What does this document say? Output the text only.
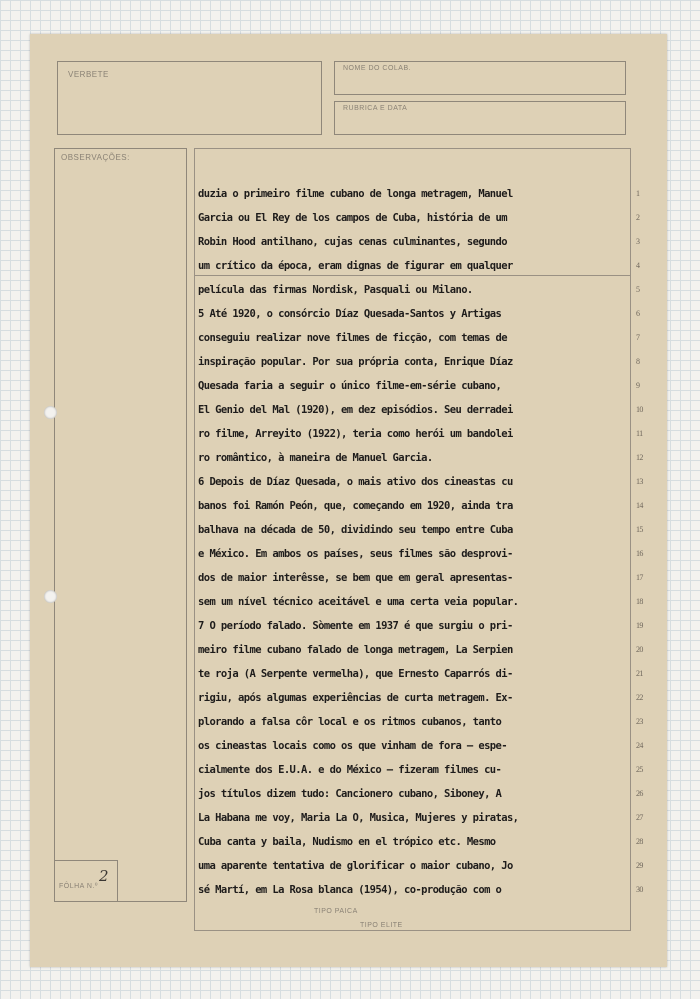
VERBETE
NOME DO COLAB.
RUBRICA E DATA
OBSERVAÇÕES:
FÔLHA N.º
2
TIPO PAICA
TIPO ELITE
duzia o primeiro filme cubano de longa metragem, Manuel	1
Garcia ou El Rey de los campos de Cuba, história de um	2
Robin Hood antilhano, cujas cenas culminantes, segundo	3
um crítico da época, eram dignas de figurar em qualquer	4
película das firmas Nordisk, Pasquali ou Milano.	5
5 Até 1920, o consórcio Díaz Quesada-Santos y Artigas	6
conseguiu realizar nove filmes de ficção, com temas de	7
inspiração popular. Por sua própria conta, Enrique Díaz	8
Quesada faria a seguir o único filme-em-série cubano,	9
El Genio del Mal (1920), em dez episódios. Seu derradei	10
ro filme, Arreyito (1922), teria como herói um bandolei	11
ro romântico, à maneira de Manuel Garcia.	12
6 Depois de Díaz Quesada, o mais ativo dos cineastas cu	13
banos foi Ramón Peón, que, começando em 1920, ainda tra	14
balhava na década de 50, dividindo seu tempo entre Cuba	15
e México. Em ambos os países, seus filmes são desprovi-	16
dos de maior interêsse, se bem que em geral apresentas-	17
sem um nível técnico aceitável e uma certa veia popular.	18
7 O período falado. Sòmente em 1937 é que surgiu o pri-	19
meiro filme cubano falado de longa metragem, La Serpien	20
te roja (A Serpente vermelha), que Ernesto Caparrós di-	21
rigiu, após algumas experiências de curta metragem. Ex-	22
plorando a falsa côr local e os ritmos cubanos, tanto	23
os cineastas locais como os que vinham de fora — espe-	24
cialmente dos E.U.A. e do México — fizeram filmes cu-	25
jos títulos dizem tudo: Cancionero cubano, Siboney, A	26
La Habana me voy, Maria La O, Musica, Mujeres y piratas,	27
Cuba canta y baila, Nudismo en el trópico etc. Mesmo	28
uma aparente tentativa de glorificar o maior cubano, Jo	29
sé Martí, em La Rosa blanca (1954), co-produção com o	30
